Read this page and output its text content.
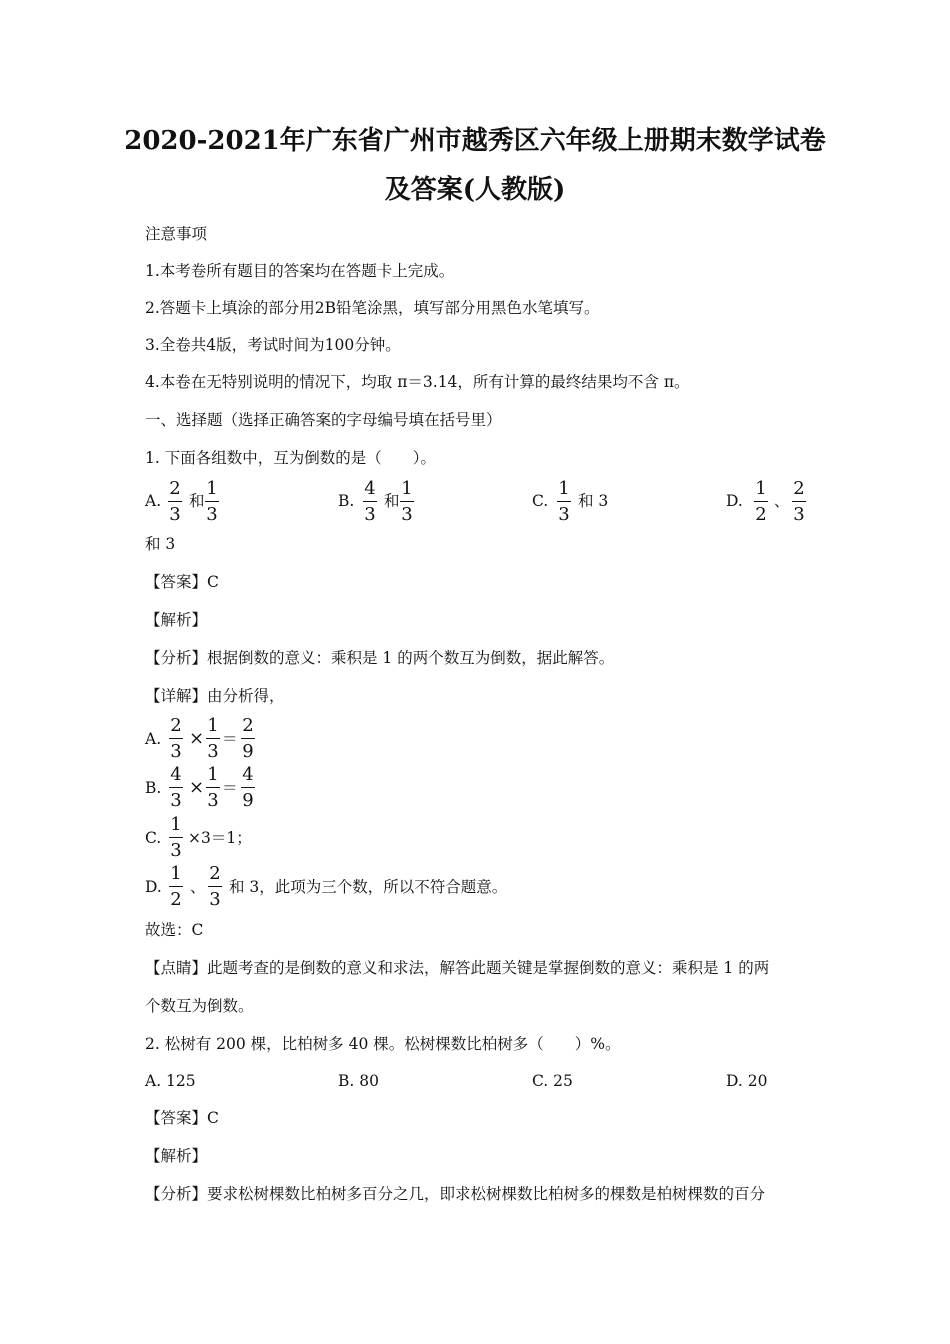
2020-2021年广东省广州市越秀区六年级上册期末数学试卷
及答案(人教版)
注意事项
1.本考卷所有题目的答案均在答题卡上完成。
2.答题卡上填涂的部分用2B铅笔涂黑，填写部分用黑色水笔填写。
3.全卷共4版，考试时间为100分钟。
4.本卷在无特别说明的情况下，均取 π＝3.14，所有计算的最终结果均不含 π。
一、选择题（选择正确答案的字母编号填在括号里）
1. 下面各组数中，互为倒数的是（　　）。
A.
2
3
和
1
3
B.
4
3
和
1
3
C.
1
3
和 3	D.
1
2
、
2
3
和 3
【答案】C
【解析】
【分析】根据倒数的意义：乘积是 1 的两个数互为倒数，据此解答。
【详解】由分析得，
A.
2
3
×
1
3
＝
2
9
B.
4
3
×
1
3
＝
4
9
C.
1
3
×3＝1；
D.
1
2
、
2
3
和 3，此项为三个数，所以不符合题意。
故选：C
【点睛】此题考查的是倒数的意义和求法，解答此题关键是掌握倒数的意义：乘积是 1 的两
个数互为倒数。
2. 松树有 200 棵，比柏树多 40 棵。松树棵数比柏树多（　　）%。
A. 125	B. 80	C. 25	D. 20
【答案】C
【解析】
【分析】要求松树棵数比柏树多百分之几，即求松树棵数比柏树多的棵数是柏树棵数的百分
